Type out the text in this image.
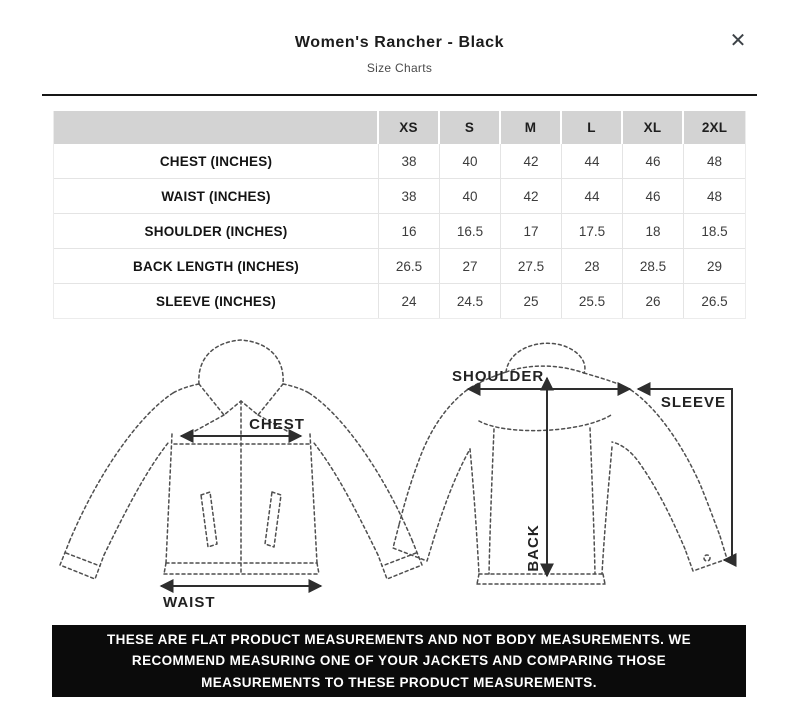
Women's Rancher - Black
Size Charts
✕
	XS	S	M	L	XL	2XL
CHEST (INCHES)	38	40	42	44	46	48
WAIST (INCHES)	38	40	42	44	46	48
SHOULDER (INCHES)	16	16.5	17	17.5	18	18.5
BACK LENGTH (INCHES)	26.5	27	27.5	28	28.5	29
SLEEVE (INCHES)	24	24.5	25	25.5	26	26.5
CHEST
WAIST
SHOULDER
SLEEVE
BACK
THESE ARE FLAT PRODUCT MEASUREMENTS AND NOT BODY MEASUREMENTS. WE RECOMMEND MEASURING ONE OF YOUR JACKETS AND COMPARING THOSE MEASUREMENTS TO THESE PRODUCT MEASUREMENTS.
